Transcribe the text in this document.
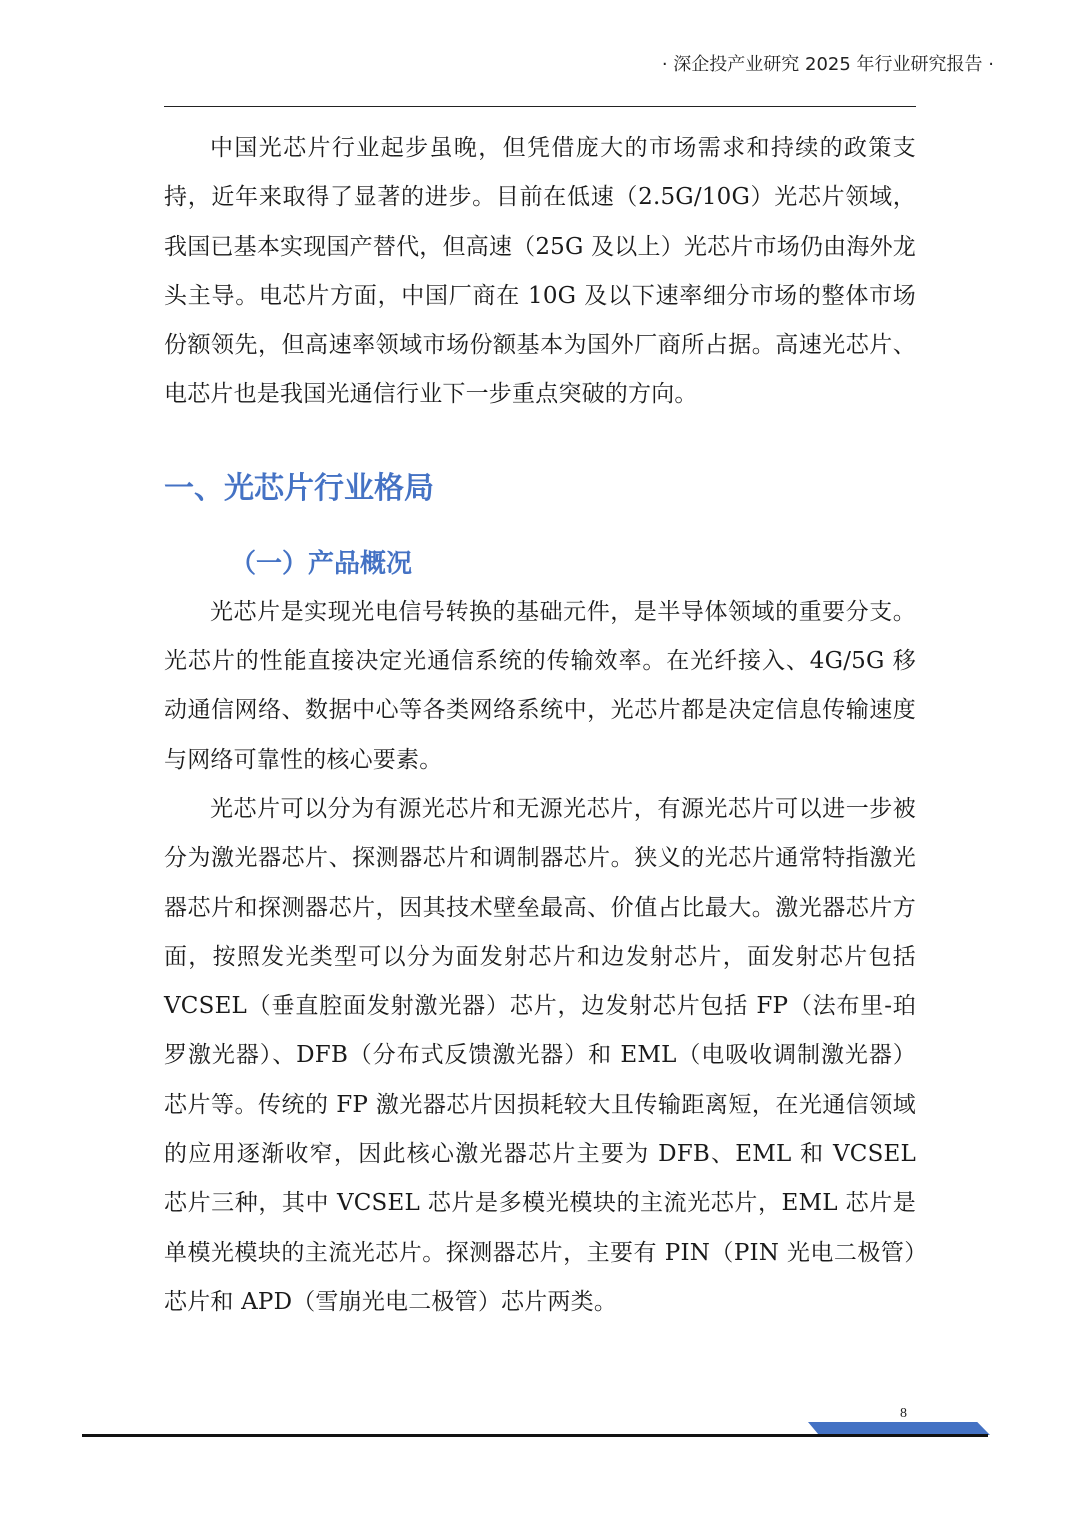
· 深企投产业研究 2025 年行业研究报告 ·

中国光芯片行业起步虽晚，但凭借庞大的市场需求和持续的政策支持，近年来取得了显著的进步。目前在低速（2.5G/10G）光芯片领域，我国已基本实现国产替代，但高速（25G 及以上）光芯片市场仍由海外龙头主导。电芯片方面，中国厂商在 10G 及以下速率细分市场的整体市场份额领先，但高速率领域市场份额基本为国外厂商所占据。高速光芯片、电芯片也是我国光通信行业下一步重点突破的方向。

一、光芯片行业格局
（一）产品概况

光芯片是实现光电信号转换的基础元件，是半导体领域的重要分支。光芯片的性能直接决定光通信系统的传输效率。在光纤接入、4G/5G 移动通信网络、数据中心等各类网络系统中，光芯片都是决定信息传输速度与网络可靠性的核心要素。

光芯片可以分为有源光芯片和无源光芯片，有源光芯片可以进一步被分为激光器芯片、探测器芯片和调制器芯片。狭义的光芯片通常特指激光器芯片和探测器芯片，因其技术壁垒最高、价值占比最大。激光器芯片方面，按照发光类型可以分为面发射芯片和边发射芯片，面发射芯片包括 VCSEL（垂直腔面发射激光器）芯片，边发射芯片包括 FP（法布里-珀罗激光器）、DFB（分布式反馈激光器）和 EML（电吸收调制激光器）芯片等。传统的 FP 激光器芯片因损耗较大且传输距离短，在光通信领域的应用逐渐收窄，因此核心激光器芯片主要为 DFB、EML 和 VCSEL 芯片三种，其中 VCSEL 芯片是多模光模块的主流光芯片，EML 芯片是单模光模块的主流光芯片。探测器芯片，主要有 PIN（PIN 光电二极管）芯片和 APD（雪崩光电二极管）芯片两类。

8
